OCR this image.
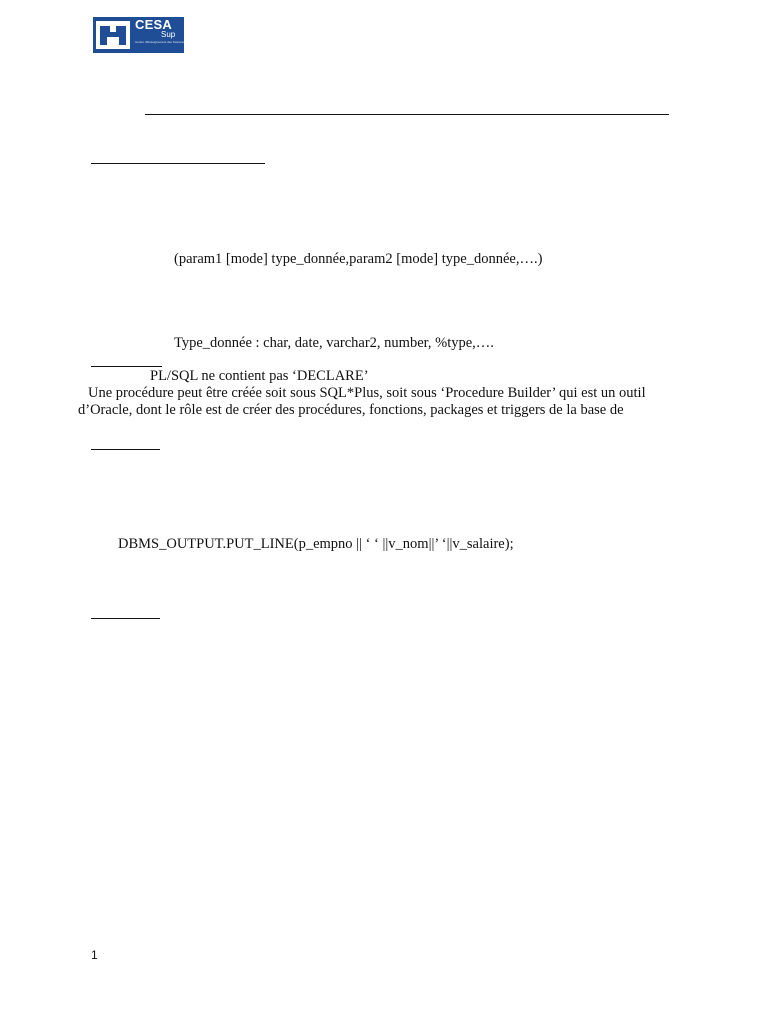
CESA
Sup
Centre d'Enseignement des Sciences Appliquées
(param1 [mode] type_donnée,param2 [mode] type_donnée,….)
Type_donnée : char, date, varchar2, number, %type,….
PL/SQL ne contient pas ‘DECLARE’
Une procédure peut être créée soit sous SQL*Plus, soit sous ‘Procedure Builder’ qui est un outil
d’Oracle, dont le rôle est de créer des procédures, fonctions, packages et triggers de la base de
DBMS_OUTPUT.PUT_LINE(p_empno || ‘ ‘ ||v_nom||’ ‘||v_salaire);
1
